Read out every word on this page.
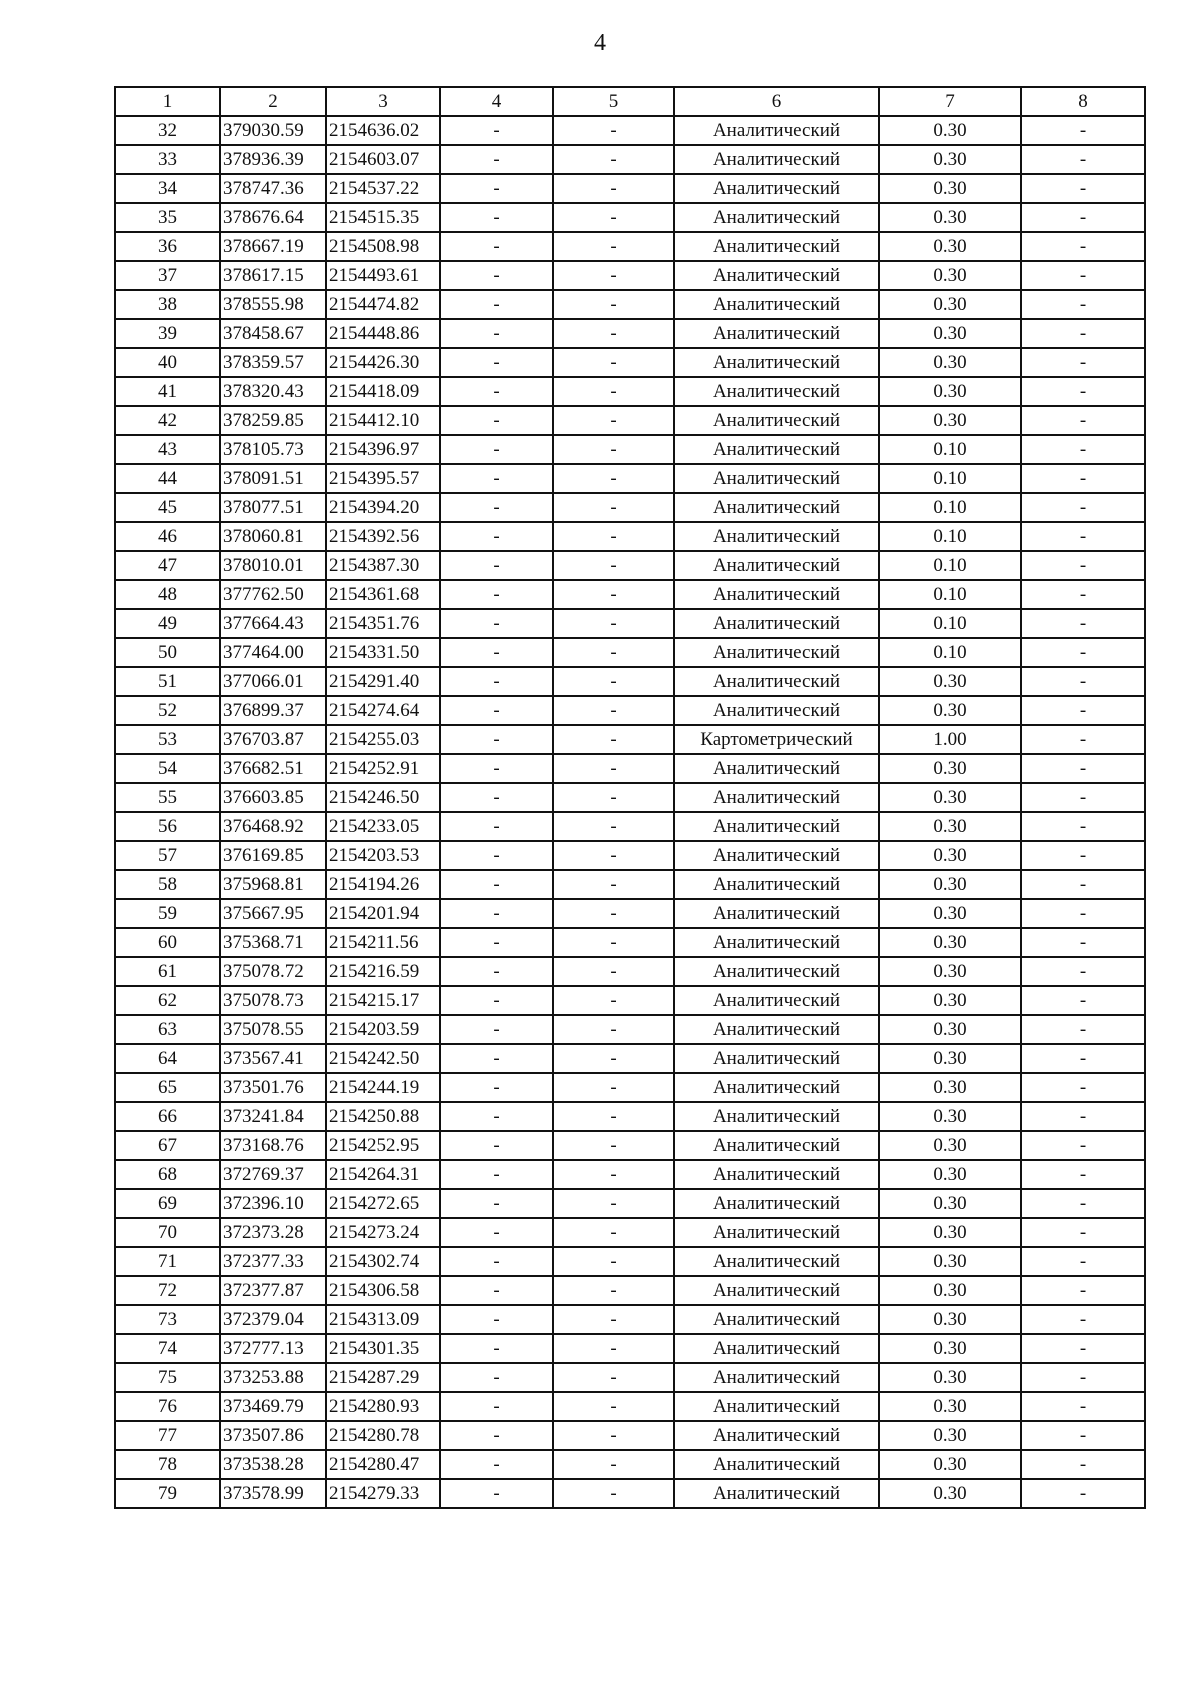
4
1	2	3	4	5	6	7	8
32	379030.59	2154636.02	-	-	Аналитический	0.30	-
33	378936.39	2154603.07	-	-	Аналитический	0.30	-
34	378747.36	2154537.22	-	-	Аналитический	0.30	-
35	378676.64	2154515.35	-	-	Аналитический	0.30	-
36	378667.19	2154508.98	-	-	Аналитический	0.30	-
37	378617.15	2154493.61	-	-	Аналитический	0.30	-
38	378555.98	2154474.82	-	-	Аналитический	0.30	-
39	378458.67	2154448.86	-	-	Аналитический	0.30	-
40	378359.57	2154426.30	-	-	Аналитический	0.30	-
41	378320.43	2154418.09	-	-	Аналитический	0.30	-
42	378259.85	2154412.10	-	-	Аналитический	0.30	-
43	378105.73	2154396.97	-	-	Аналитический	0.10	-
44	378091.51	2154395.57	-	-	Аналитический	0.10	-
45	378077.51	2154394.20	-	-	Аналитический	0.10	-
46	378060.81	2154392.56	-	-	Аналитический	0.10	-
47	378010.01	2154387.30	-	-	Аналитический	0.10	-
48	377762.50	2154361.68	-	-	Аналитический	0.10	-
49	377664.43	2154351.76	-	-	Аналитический	0.10	-
50	377464.00	2154331.50	-	-	Аналитический	0.10	-
51	377066.01	2154291.40	-	-	Аналитический	0.30	-
52	376899.37	2154274.64	-	-	Аналитический	0.30	-
53	376703.87	2154255.03	-	-	Картометрический	1.00	-
54	376682.51	2154252.91	-	-	Аналитический	0.30	-
55	376603.85	2154246.50	-	-	Аналитический	0.30	-
56	376468.92	2154233.05	-	-	Аналитический	0.30	-
57	376169.85	2154203.53	-	-	Аналитический	0.30	-
58	375968.81	2154194.26	-	-	Аналитический	0.30	-
59	375667.95	2154201.94	-	-	Аналитический	0.30	-
60	375368.71	2154211.56	-	-	Аналитический	0.30	-
61	375078.72	2154216.59	-	-	Аналитический	0.30	-
62	375078.73	2154215.17	-	-	Аналитический	0.30	-
63	375078.55	2154203.59	-	-	Аналитический	0.30	-
64	373567.41	2154242.50	-	-	Аналитический	0.30	-
65	373501.76	2154244.19	-	-	Аналитический	0.30	-
66	373241.84	2154250.88	-	-	Аналитический	0.30	-
67	373168.76	2154252.95	-	-	Аналитический	0.30	-
68	372769.37	2154264.31	-	-	Аналитический	0.30	-
69	372396.10	2154272.65	-	-	Аналитический	0.30	-
70	372373.28	2154273.24	-	-	Аналитический	0.30	-
71	372377.33	2154302.74	-	-	Аналитический	0.30	-
72	372377.87	2154306.58	-	-	Аналитический	0.30	-
73	372379.04	2154313.09	-	-	Аналитический	0.30	-
74	372777.13	2154301.35	-	-	Аналитический	0.30	-
75	373253.88	2154287.29	-	-	Аналитический	0.30	-
76	373469.79	2154280.93	-	-	Аналитический	0.30	-
77	373507.86	2154280.78	-	-	Аналитический	0.30	-
78	373538.28	2154280.47	-	-	Аналитический	0.30	-
79	373578.99	2154279.33	-	-	Аналитический	0.30	-
